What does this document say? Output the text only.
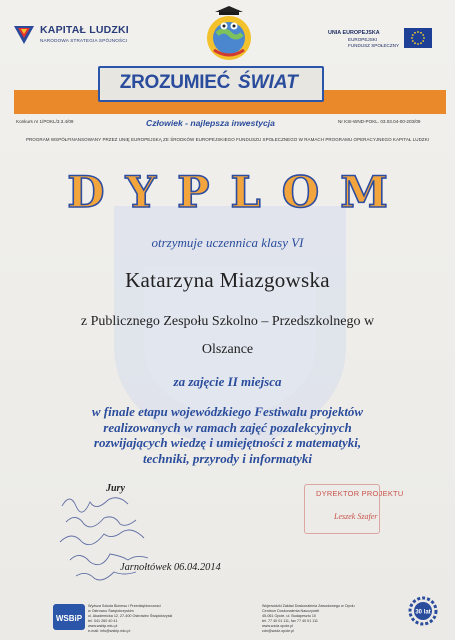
KAPITAŁ LUDZKI
NARODOWA STRATEGIA SPÓJNOŚCI
UNIA EUROPEJSKA
EUROPEJSKI
FUNDUSZ SPOŁECZNY
ZROZUMIEĆ ŚWIAT
Konkurs nr 1/POKL/3.3.4/09	Człowiek - najlepsza inwestycja	Nr KSI-WND-POKL. 03.03.04-00-203/09
PROGRAM WSPÓŁFINANSOWANY PRZEZ UNIĘ EUROPEJSKĄ ZE ŚRODKÓW EUROPEJSKIEGO FUNDUSZU SPOŁECZNEGO W RAMACH PROGRAMU OPERACYJNEGO KAPITAŁ LUDZKI
DYPLOM
otrzymuje uczennica klasy VI
Katarzyna Miazgowska
z Publicznego Zespołu Szkolno – Przedszkolnego w
Olszance
za zajęcie II miejsca
w finale etapu wojewódzkiego Festiwalu projektów
realizowanych w ramach zajęć pozalekcyjnych
rozwijających wiedzę i umiejętności z matematyki,
techniki, przyrody i informatyki
Jury	DYREKTOR PROJEKTU
Leszek Szafer
Jarnołtówek 06.04.2014
WSBiP
Wyższa Szkoła Biznesu i Przedsiębiorczości
w Ostrowcu Świętokrzyskim
ul. Akademicka 12, 27-400 Ostrowiec Świętokrzyski
tel. 041 260 40 41
www.wsbip.edu.pl
e-mail: info@wsbip.edu.pl
Wojewódzki Zakład Doskonalenia Zawodowego w Opolu
Centrum Doskonalenia Nauczycieli
45-061 Opole, ul. Budapesztu 10
tel. 77 40 01 111, fax 77 40 01 111
www.wzdz.opole.pl
cdn@wzdz.opole.pl
30 lat
